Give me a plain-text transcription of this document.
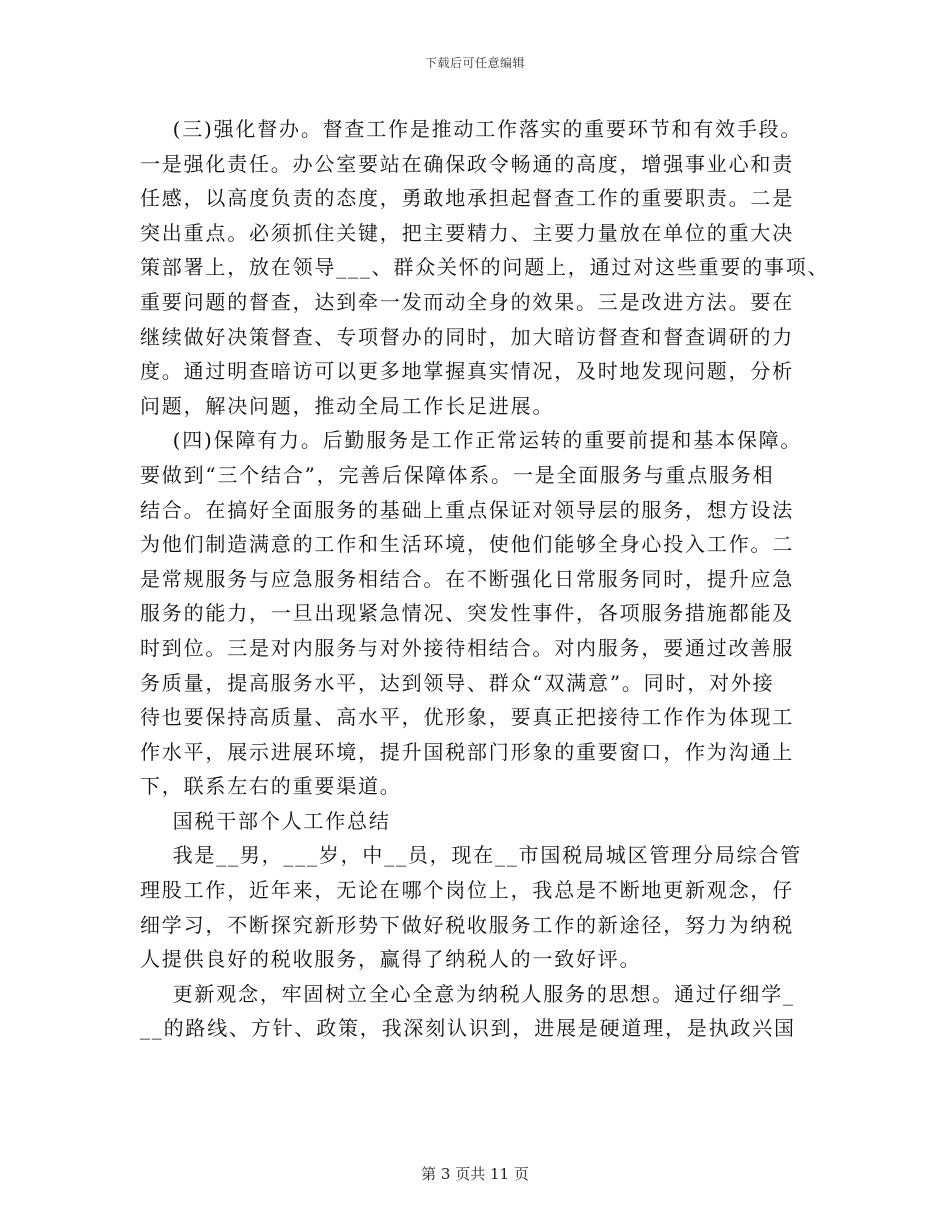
下载后可任意编辑
(三)强化督办。督查工作是推动工作落实的重要环节和有效手段。
一是强化责任。办公室要站在确保政令畅通的高度，增强事业心和责
任感，以高度负责的态度，勇敢地承担起督查工作的重要职责。二是
突出重点。必须抓住关键，把主要精力、主要力量放在单位的重大决
策部署上，放在领导___、群众关怀的问题上，通过对这些重要的事项、
重要问题的督查，达到牵一发而动全身的效果。三是改进方法。要在
继续做好决策督查、专项督办的同时，加大暗访督查和督查调研的力
度。通过明查暗访可以更多地掌握真实情况，及时地发现问题，分析
问题，解决问题，推动全局工作长足进展。
(四)保障有力。后勤服务是工作正常运转的重要前提和基本保障。
要做到“三个结合”，完善后保障体系。一是全面服务与重点服务相
结合。在搞好全面服务的基础上重点保证对领导层的服务，想方设法
为他们制造满意的工作和生活环境，使他们能够全身心投入工作。二
是常规服务与应急服务相结合。在不断强化日常服务同时，提升应急
服务的能力，一旦出现紧急情况、突发性事件，各项服务措施都能及
时到位。三是对内服务与对外接待相结合。对内服务，要通过改善服
务质量，提高服务水平，达到领导、群众“双满意”。同时，对外接
待也要保持高质量、高水平，优形象，要真正把接待工作作为体现工
作水平，展示进展环境，提升国税部门形象的重要窗口，作为沟通上
下，联系左右的重要渠道。
国税干部个人工作总结
我是__男，___岁，中__员，现在__市国税局城区管理分局综合管
理股工作，近年来，无论在哪个岗位上，我总是不断地更新观念，仔
细学习，不断探究新形势下做好税收服务工作的新途径，努力为纳税
人提供良好的税收服务，赢得了纳税人的一致好评。
更新观念，牢固树立全心全意为纳税人服务的思想。通过仔细学_
__的路线、方针、政策，我深刻认识到，进展是硬道理，是执政兴国
第 3 页共 11 页
